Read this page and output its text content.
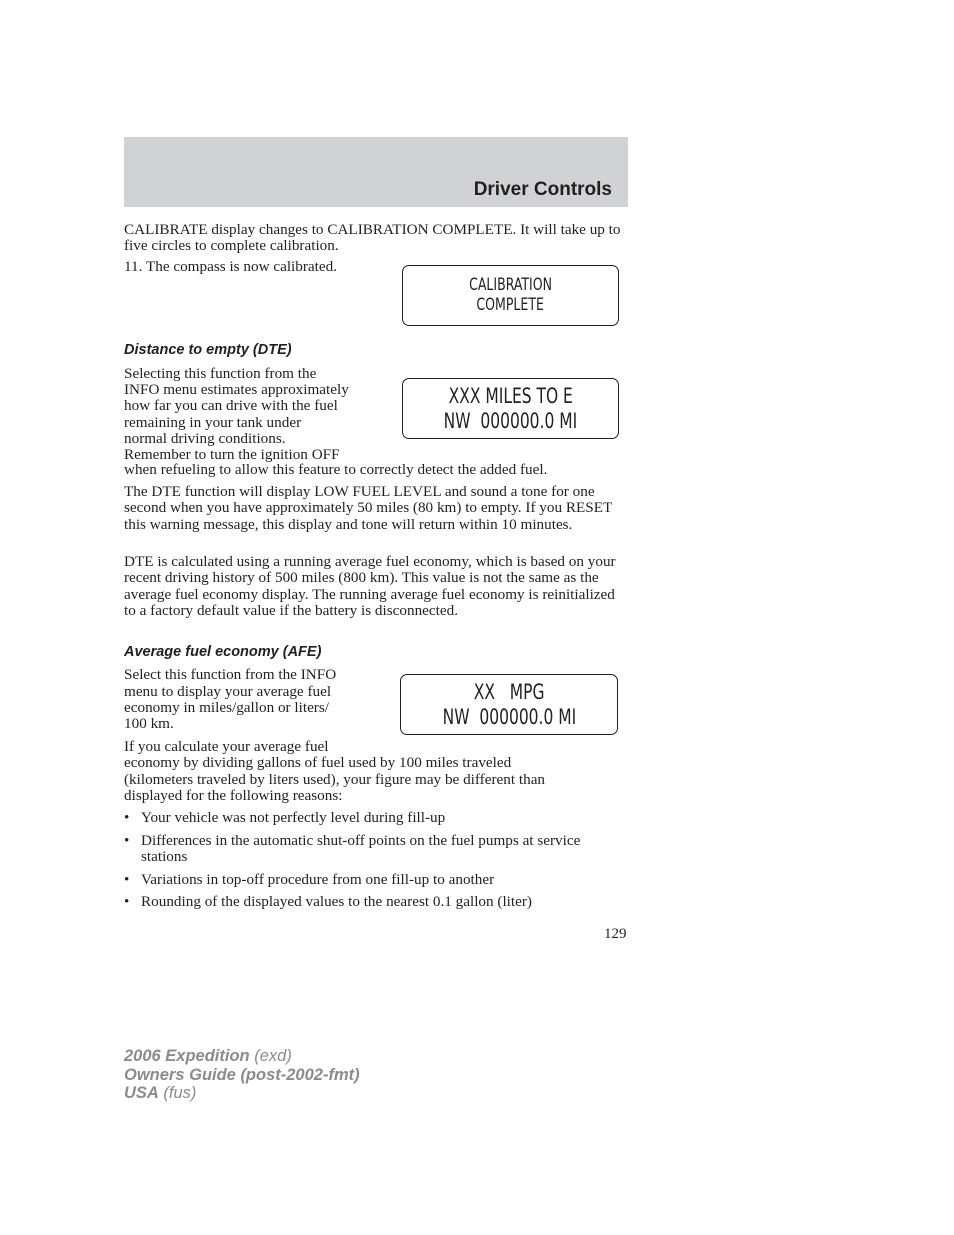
Driver Controls
CALIBRATE display changes to CALIBRATION COMPLETE. It will take up to five circles to complete calibration.
11. The compass is now calibrated.
CALIBRATION
COMPLETE
Distance to empty (DTE)
Selecting this function from the
INFO menu estimates approximately
how far you can drive with the fuel
remaining in your tank under
normal driving conditions.
Remember to turn the ignition OFF
when refueling to allow this feature to correctly detect the added fuel.
XXX MILES TO E
NW  000000.0 MI
The DTE function will display LOW FUEL LEVEL and sound a tone for one second when you have approximately 50 miles (80 km) to empty. If you RESET this warning message, this display and tone will return within 10 minutes.
DTE is calculated using a running average fuel economy, which is based on your recent driving history of 500 miles (800 km). This value is not the same as the average fuel economy display. The running average fuel economy is reinitialized to a factory default value if the battery is disconnected.
Average fuel economy (AFE)
Select this function from the INFO
menu to display your average fuel
economy in miles/gallon or liters/
100 km.
XX   MPG
NW  000000.0 MI
If you calculate your average fuel
economy by dividing gallons of fuel used by 100 miles traveled
(kilometers traveled by liters used), your figure may be different than
displayed for the following reasons:
• Your vehicle was not perfectly level during fill-up
• Differences in the automatic shut-off points on the fuel pumps at service stations
• Variations in top-off procedure from one fill-up to another
• Rounding of the displayed values to the nearest 0.1 gallon (liter)
129
2006 Expedition (exd)
Owners Guide (post-2002-fmt)
USA (fus)
